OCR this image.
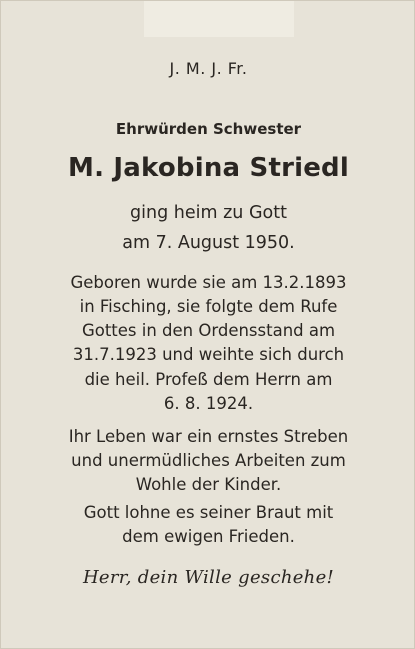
J. M. J. Fr.
Ehrwürden Schwester
M. Jakobina Striedl
ging heim zu Gott
am 7. August 1950.
Geboren wurde sie am 13.2.1893
in Fisching, sie folgte dem Rufe
Gottes in den Ordensstand am
31.7.1923 und weihte sich durch
die heil. Profeß dem Herrn am
6. 8. 1924.
Ihr Leben war ein ernstes Streben
und unermüdliches Arbeiten zum
Wohle der Kinder.
Gott lohne es seiner Braut mit
dem ewigen Frieden.
Herr, dein Wille geschehe!
